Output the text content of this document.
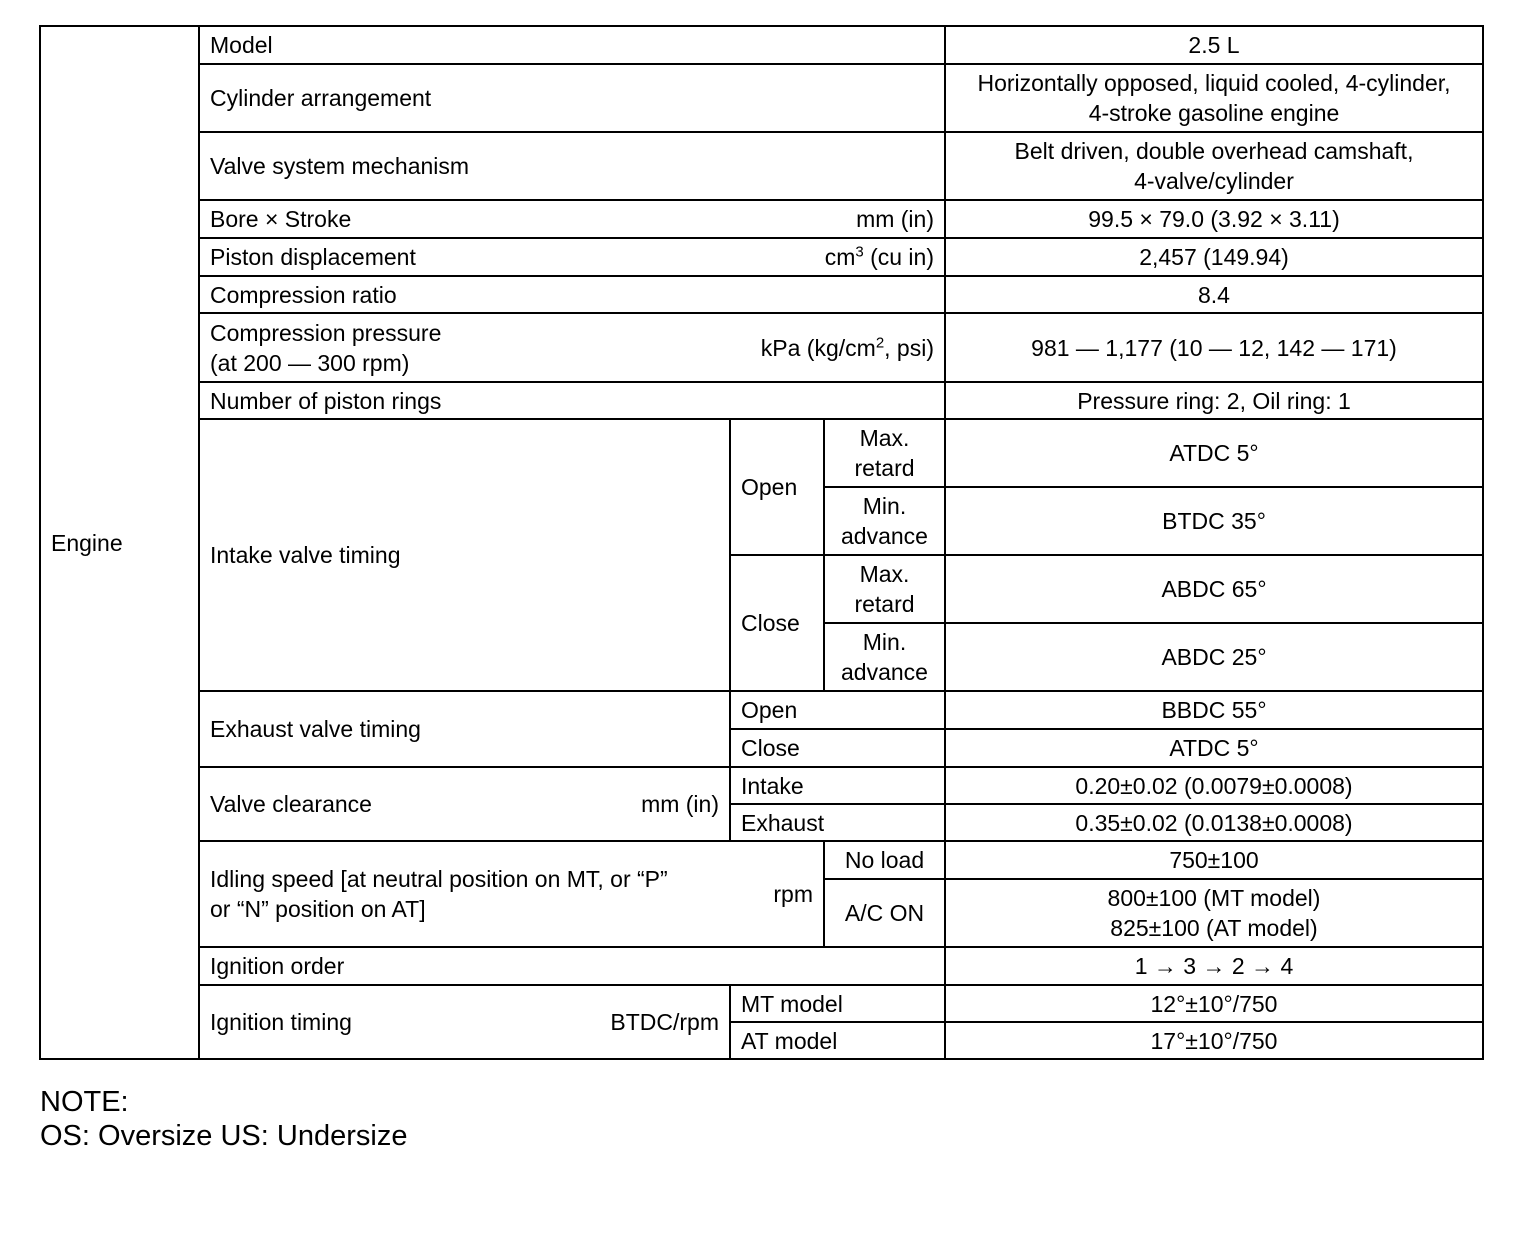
Engine	Model			2.5 L
	Cylinder arrangement			Horizontally opposed, liquid cooled, 4-cylinder,
4-stroke gasoline engine

	Valve system mechanism			Belt driven, double overhead camshaft,
4-valve/cylinder

	Bore × Stroke mm (in)			99.5 × 79.0 (3.92 × 3.11)

	Piston displacement $cm^3$ (cu in)			2,457 (149.94)
	Compression ratio			8.4

	Compression pressure
(at 200 — 300 rpm)
kPa ($kg/cm^2$, psi)			981 — 1,177 (10 — 12, 142 — 171)
	Number of piston rings			Pressure ring: 2, Oil ring: 1
	Intake valve timing	Open	Max.
retard	ATDC 5°

			Min.
advance	BTDC 35°
		Close	Max.
retard	ABDC 65°

			Min.
advance	ABDC 25°
	Exhaust valve timing	Open		BBDC 55°
		Close		ATDC 5°

	Valve clearance mm (in)	Intake		0.20±0.02 (0.0079±0.0008)
		Exhaust		0.35±0.02 (0.0138±0.0008)

	Idling speed [at neutral position on MT, or “P”
or “N” position on AT]
rpm		No load	750±100
			A/C ON	800±100 (MT model)
825±100 (AT model)

	Ignition order			1 → 3 → 2 → 4

	Ignition timing BTDC/rpm	MT model		12°±10°/750
		AT model		17°±10°/750
NOTE:
OS: Oversize US: Undersize
